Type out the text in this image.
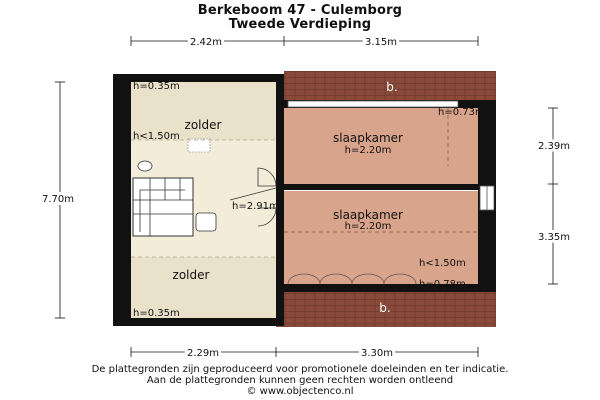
Berkeboom 47 - Culemborg
Tweede Verdieping
2.42m	3.15m
2.29m	3.30m
7.70m
2.39m
3.35m
h=0.35m
zolder
h<1.50m
h=2.91m
zolder
h=0.35m
slaapkamer
h=2.20m
h=0.73m
slaapkamer
h=2.20m
h<1.50m
h=0.78m
b.
b.
De plattegronden zijn geproduceerd voor promotionele doeleinden en ter indicatie.
Aan de plattegronden kunnen geen rechten worden ontleend
© www.objectenco.nl
